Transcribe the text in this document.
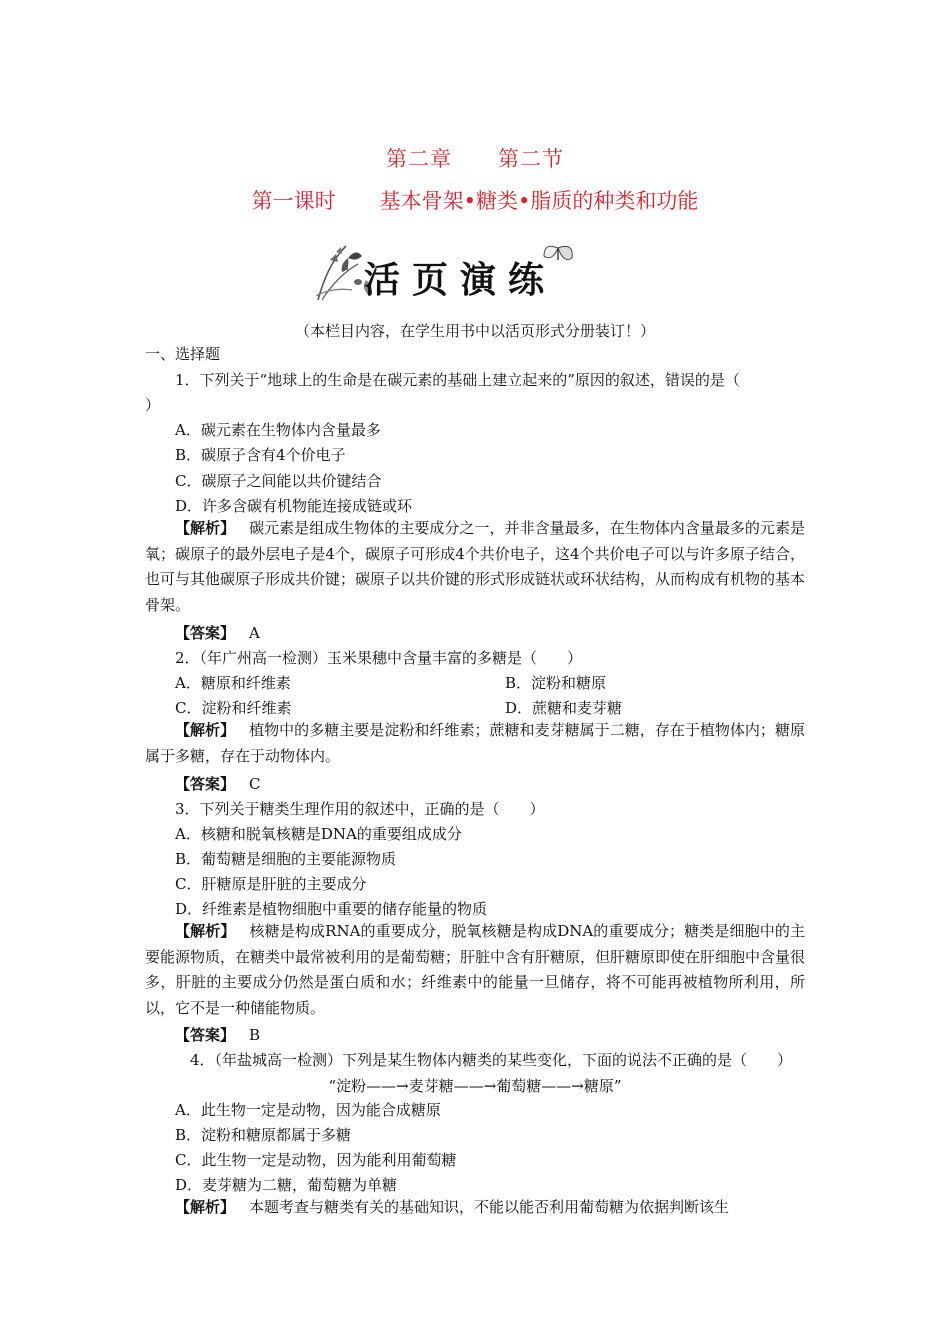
第二章 第二节
第一课时 基本骨架•糖类•脂质的种类和功能
活页演练
（本栏目内容，在学生用书中以活页形式分册装订！）
一、选择题
1．下列关于“地球上的生命是在碳元素的基础上建立起来的”原因的叙述，错误的是（
）
A．碳元素在生物体内含量最多
B．碳原子含有4个价电子
C．碳原子之间能以共价键结合
D．许多含碳有机物能连接成链或环
【解析】 碳元素是组成生物体的主要成分之一，并非含量最多，在生物体内含量最多的元素是氧；碳原子的最外层电子是4个，碳原子可形成4个共价电子，这4个共价电子可以与许多原子结合，也可与其他碳原子形成共价键；碳原子以共价键的形式形成链状或环状结构，从而构成有机物的基本骨架。
【答案】 A
2．（年广州高一检测）玉米果穗中含量丰富的多糖是（　　）
A．糖原和纤维素	B．淀粉和糖原
C．淀粉和纤维素	D．蔗糖和麦芽糖
【解析】 植物中的多糖主要是淀粉和纤维素；蔗糖和麦芽糖属于二糖，存在于植物体内；糖原属于多糖，存在于动物体内。
【答案】 C
3．下列关于糖类生理作用的叙述中，正确的是（　　）
A．核糖和脱氧核糖是DNA的重要组成成分
B．葡萄糖是细胞的主要能源物质
C．肝糖原是肝脏的主要成分
D．纤维素是植物细胞中重要的储存能量的物质
【解析】 核糖是构成RNA的重要成分，脱氧核糖是构成DNA的重要成分；糖类是细胞中的主要能源物质，在糖类中最常被利用的是葡萄糖；肝脏中含有肝糖原，但肝糖原即使在肝细胞中含量很多，肝脏的主要成分仍然是蛋白质和水；纤维素中的能量一旦储存，将不可能再被植物所利用，所以，它不是一种储能物质。
【答案】 B
4．（年盐城高一检测）下列是某生物体内糖类的某些变化，下面的说法不正确的是（　　）
“淀粉——→麦芽糖——→葡萄糖——→糖原”
A．此生物一定是动物，因为能合成糖原
B．淀粉和糖原都属于多糖
C．此生物一定是动物，因为能利用葡萄糖
D．麦芽糖为二糖，葡萄糖为单糖
【解析】 本题考查与糖类有关的基础知识，不能以能否利用葡萄糖为依据判断该生
